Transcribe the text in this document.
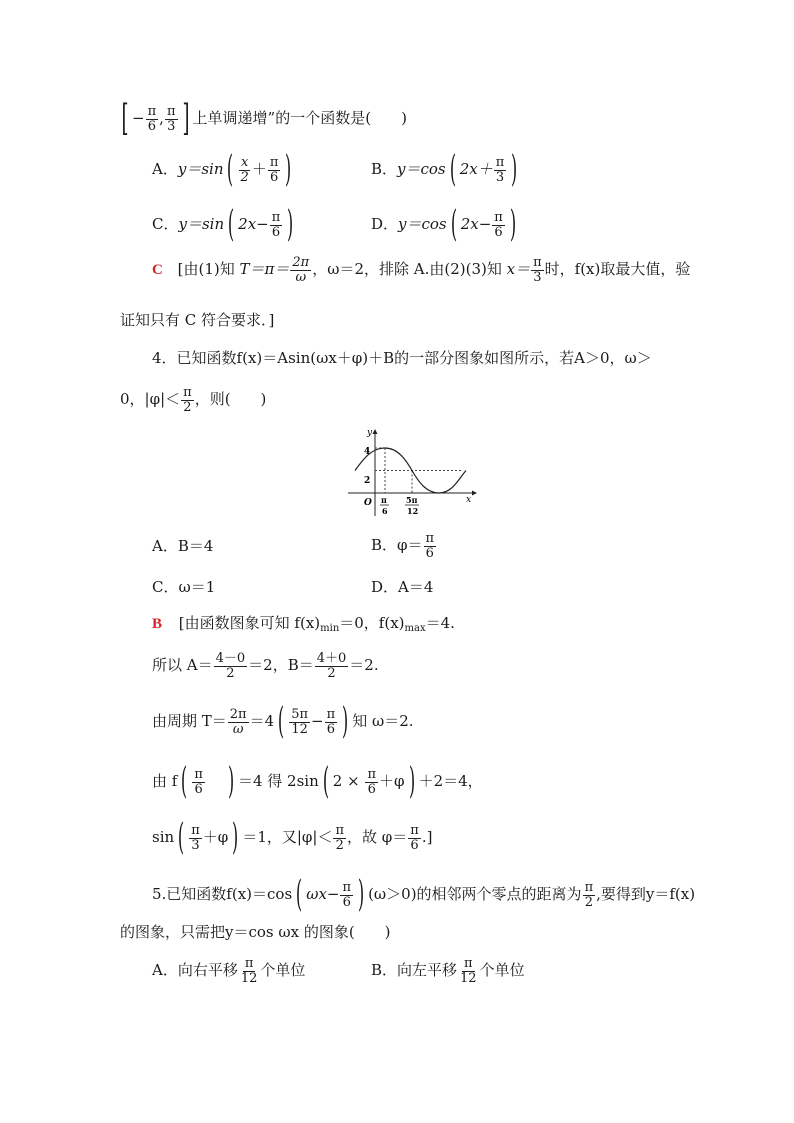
[ − $\frac{\pi}{6}$ , $\frac{\pi}{3}$ ] 上单调递增”的一个函数是(　　)
A．y＝sin ( $\frac{x}{2} + \frac{\pi}{6}$ )	B．y＝cos ( $2x+ \frac{\pi}{3}$ )
C．y＝sin ( $2x- \frac{\pi}{6}$ )	D．y＝cos ( $2x- \frac{\pi}{6}$ )
C [由(1)知 $T=\pi= \frac{2\pi}{\omega}$ ，ω＝2，排除 A.由(2)(3)知 $x= \frac{\pi}{3}$ 时，f(x)取最大值，验
证知只有 C 符合要求．]
4．已知函数f(x)＝Asin(ωx＋φ)＋B的一部分图象如图所示，若A＞0，ω＞
0，$|\varphi|< \frac{\pi}{2}$ ，则(　　)
y
x
O
4
2
π
6
5π
12
A．B＝4	B．$\varphi= \frac{\pi}{6}$
C．ω＝1	D．A＝4
B [由函数图象可知 $f(x)_{min}=0$，$f(x)_{max}=4$.
所以 $A= \frac{4-0}{2} =2$，$B= \frac{4+0}{2} =2$.
由周期 $T= \frac{2\pi}{\omega} =4$ ( $\frac{5\pi}{12} - \frac{\pi}{6}$ ) 知 ω＝2.
由 f ( $\frac{\pi}{6}$ ) ＝4 得 2sin ( $2 \times \frac{\pi}{6} +\varphi$ ) ＋2＝4，
sin ( $\frac{\pi}{3} +\varphi$ ) ＝1，又$|\varphi|< \frac{\pi}{2}$ ，故 $\varphi= \frac{\pi}{6}$ .]
5.已知函数f(x)＝cos ( $\omega x- \frac{\pi}{6}$ ) (ω＞0)的相邻两个零点的距离为 $\frac{\pi}{2}$ ,要得到y＝f(x)
的图象，只需把y＝cos ωx 的图象(　　)
A．向右平移 $\frac{\pi}{12}$ 个单位	B．向左平移 $\frac{\pi}{12}$ 个单位
